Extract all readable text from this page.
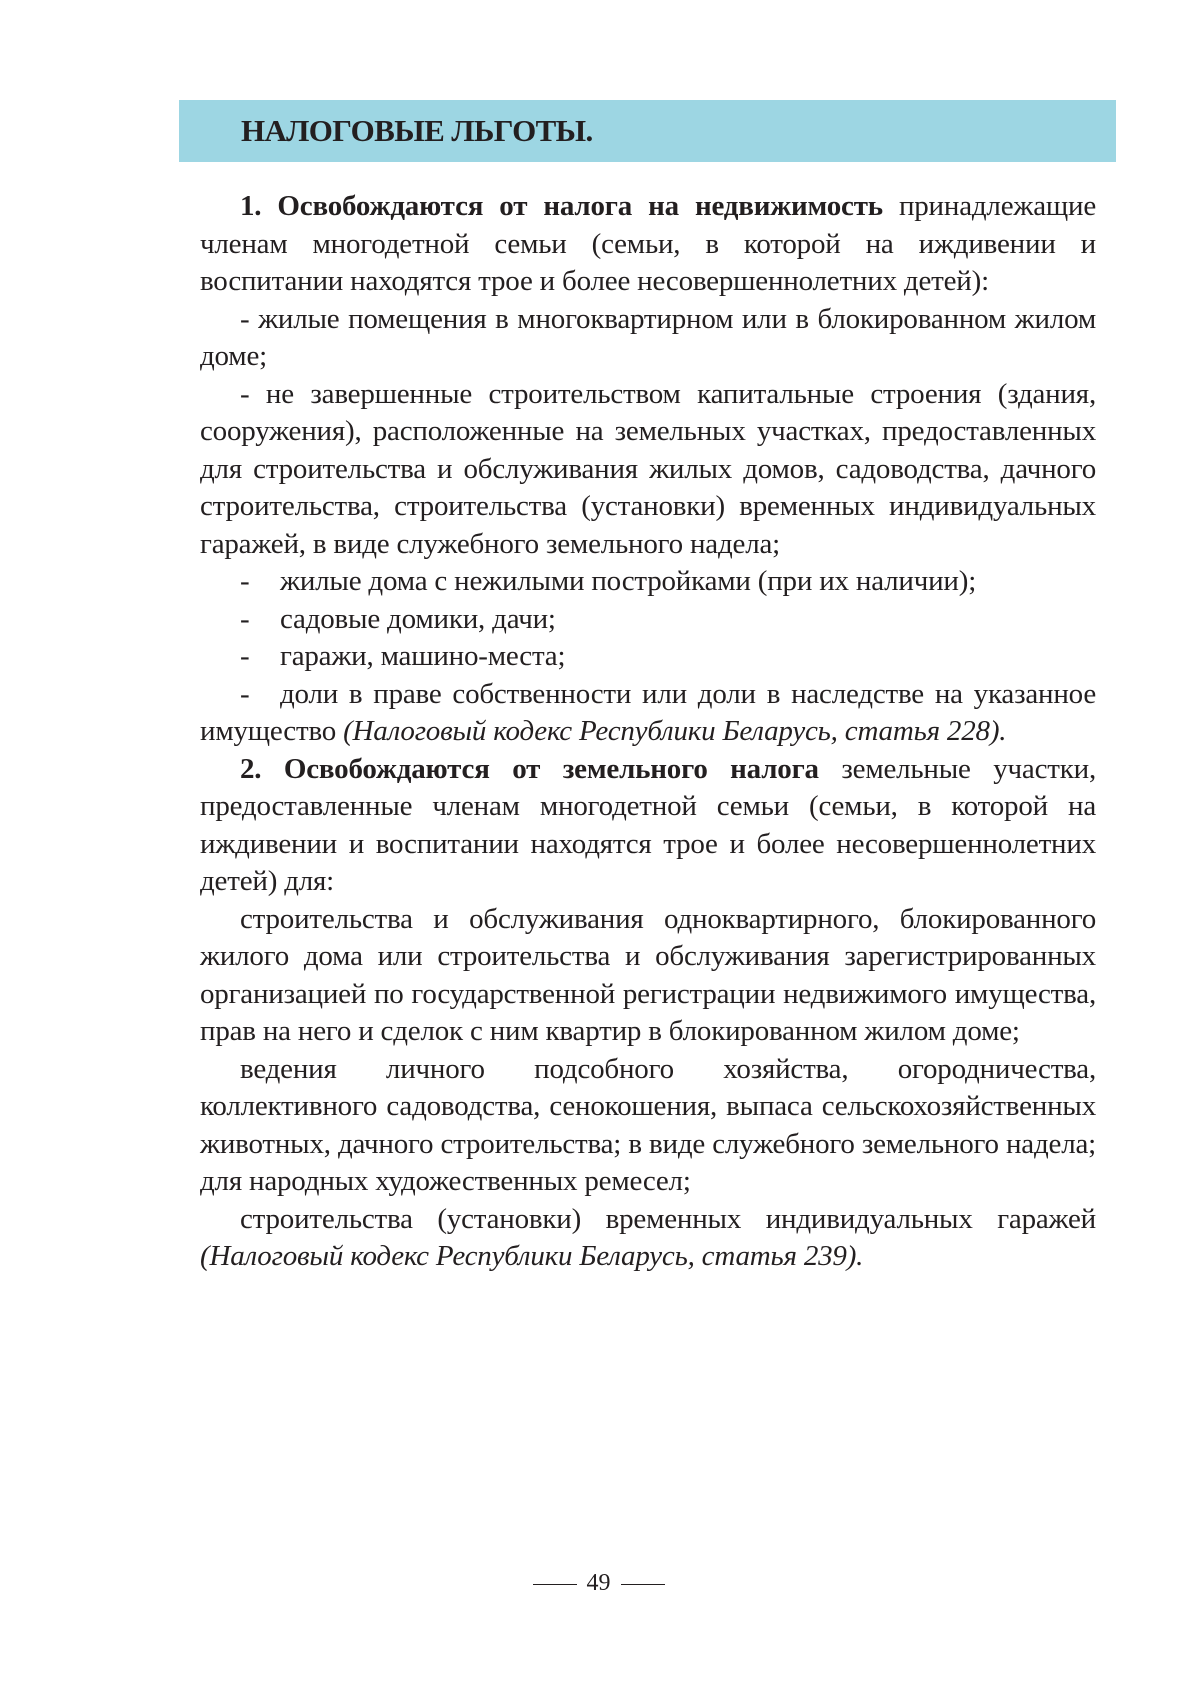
НАЛОГОВЫЕ ЛЬГОТЫ.

1. Освобождаются от налога на недвижимость принадлежащие членам многодетной семьи (семьи, в которой на иждивении и воспитании находятся трое и более несовершеннолетних детей):

- жилые помещения в многоквартирном или в блокированном жилом доме;

- не завершенные строительством капитальные строения (здания, сооружения), расположенные на земельных участках, предоставленных для строительства и обслуживания жилых домов, садоводства, дачного строительства, строительства (установки) временных индивидуальных гаражей, в виде служебного земельного надела;

- жилые дома с нежилыми постройками (при их наличии);

- садовые домики, дачи;

- гаражи, машино-места;

- доли в праве собственности или доли в наследстве на указанное имущество (Налоговый кодекс Республики Беларусь, статья 228).

2. Освобождаются от земельного налога земельные участки, предоставленные членам многодетной семьи (семьи, в которой на иждивении и воспитании находятся трое и более несовершеннолетних детей) для:

строительства и обслуживания одноквартирного, блокированного жилого дома или строительства и обслуживания зарегистрированных организацией по государственной регистрации недвижимого имущества, прав на него и сделок с ним квартир в блокированном жилом доме;

ведения личного подсобного хозяйства, огородничества, коллективного садоводства, сенокошения, выпаса сельскохозяйственных животных, дачного строительства; в виде служебного земельного надела; для народных художественных ремесел;

строительства (установки) временных индивидуальных гаражей (Налоговый кодекс Республики Беларусь, статья 239).

49
